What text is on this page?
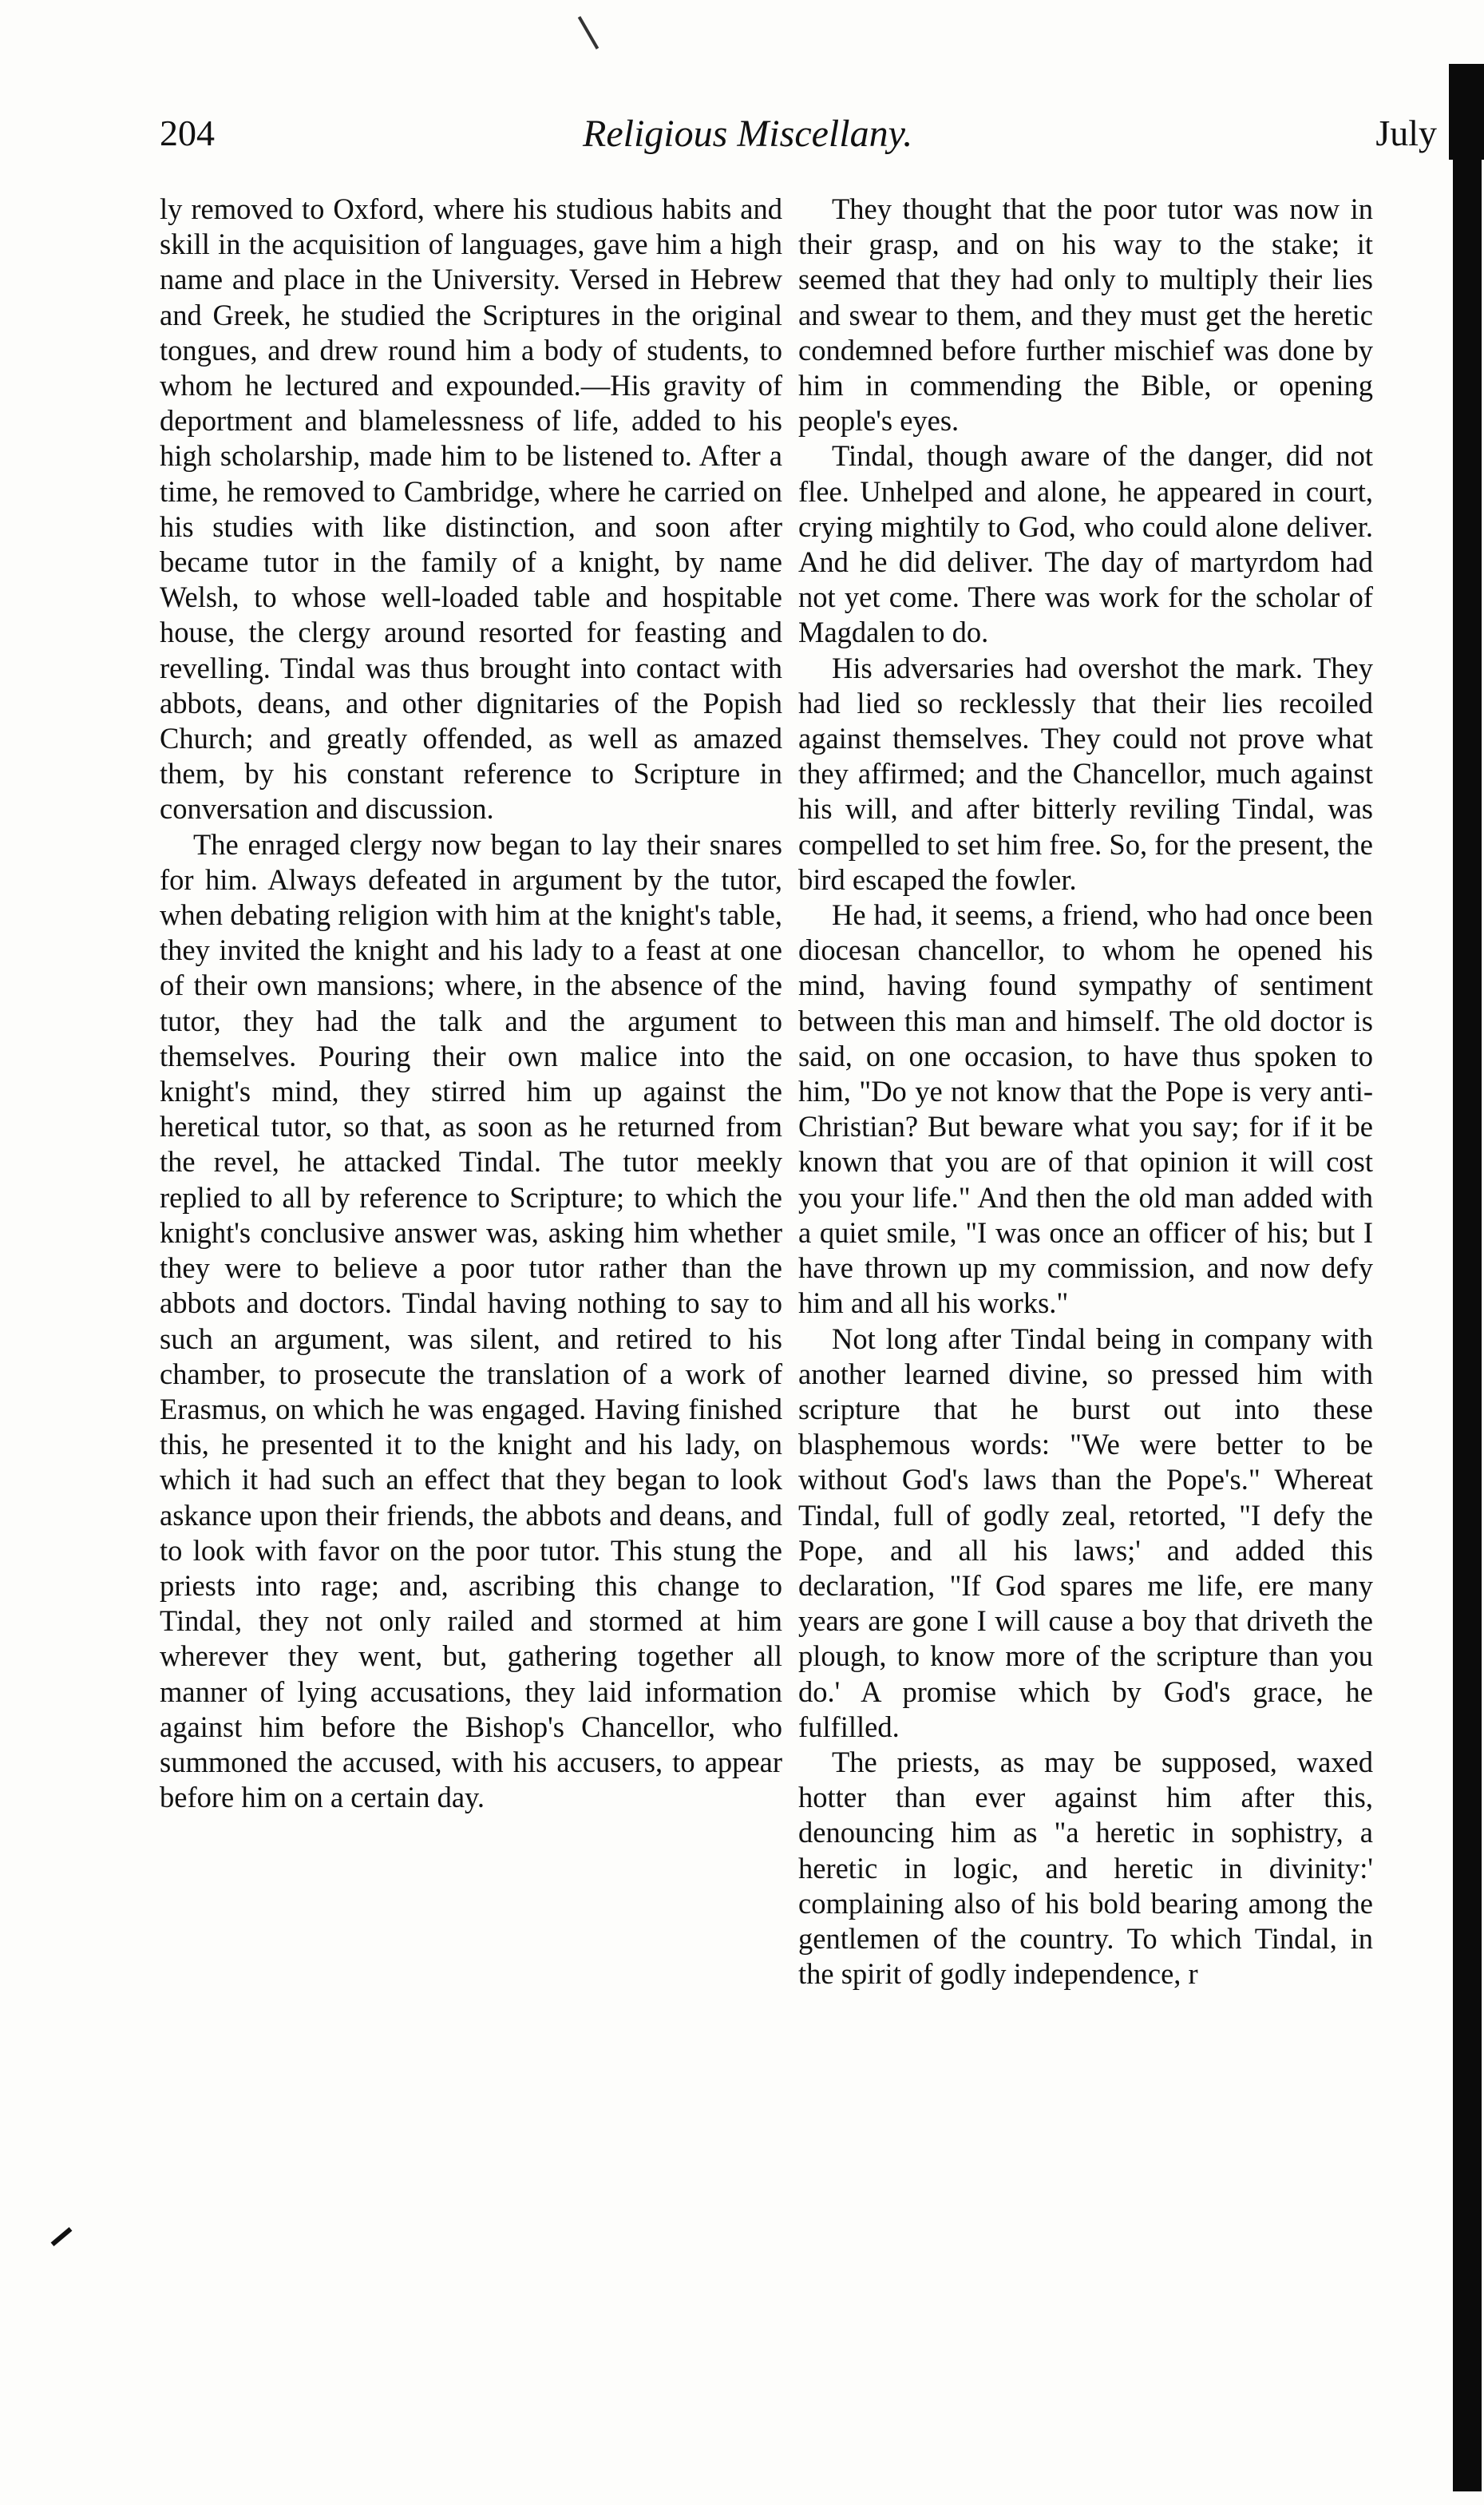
204	Religious Miscellany.	July

ly removed to Oxford, where his studious habits and skill in the acquisition of languages, gave him a high name and place in the University. Versed in Hebrew and Greek, he studied the Scriptures in the original tongues, and drew round him a body of students, to whom he lectured and expounded.—His gravity of deportment and blamelessness of life, added to his high scholarship, made him to be listened to. After a time, he removed to Cambridge, where he carried on his studies with like distinction, and soon after became tutor in the family of a knight, by name Welsh, to whose well-loaded table and hospitable house, the clergy around resorted for feasting and revelling. Tindal was thus brought into contact with abbots, deans, and other dignitaries of the Popish Church; and greatly offended, as well as amazed them, by his constant reference to Scripture in conversation and discussion.

The enraged clergy now began to lay their snares for him. Always defeated in argument by the tutor, when debating religion with him at the knight's table, they invited the knight and his lady to a feast at one of their own mansions; where, in the absence of the tutor, they had the talk and the argument to themselves. Pouring their own malice into the knight's mind, they stirred him up against the heretical tutor, so that, as soon as he returned from the revel, he attacked Tindal. The tutor meekly replied to all by reference to Scripture; to which the knight's conclusive answer was, asking him whether they were to believe a poor tutor rather than the abbots and doctors. Tindal having nothing to say to such an argument, was silent, and retired to his chamber, to prosecute the translation of a work of Erasmus, on which he was engaged. Having finished this, he presented it to the knight and his lady, on which it had such an effect that they began to look askance upon their friends, the abbots and deans, and to look with favor on the poor tutor. This stung the priests into rage; and, ascribing this change to Tindal, they not only railed and stormed at him wherever they went, but, gathering together all manner of lying accusations, they laid information against him before the Bishop's Chancellor, who summoned the accused, with his accusers, to appear before him on a certain day.

They thought that the poor tutor was now in their grasp, and on his way to the stake; it seemed that they had only to multiply their lies and swear to them, and they must get the heretic condemned before further mischief was done by him in commending the Bible, or opening people's eyes.

Tindal, though aware of the danger, did not flee. Unhelped and alone, he appeared in court, crying mightily to God, who could alone deliver. And he did deliver. The day of martyrdom had not yet come. There was work for the scholar of Magdalen to do.

His adversaries had overshot the mark. They had lied so recklessly that their lies recoiled against themselves. They could not prove what they affirmed; and the Chancellor, much against his will, and after bitterly reviling Tindal, was compelled to set him free. So, for the present, the bird escaped the fowler.

He had, it seems, a friend, who had once been diocesan chancellor, to whom he opened his mind, having found sympathy of sentiment between this man and himself. The old doctor is said, on one occasion, to have thus spoken to him, "Do ye not know that the Pope is very anti-Christian? But beware what you say; for if it be known that you are of that opinion it will cost you your life." And then the old man added with a quiet smile, "I was once an officer of his; but I have thrown up my commission, and now defy him and all his works."

Not long after Tindal being in company with another learned divine, so pressed him with scripture that he burst out into these blasphemous words: "We were better to be without God's laws than the Pope's." Whereat Tindal, full of godly zeal, retorted, "I defy the Pope, and all his laws;' and added this declaration, "If God spares me life, ere many years are gone I will cause a boy that driveth the plough, to know more of the scripture than you do.' A promise which by God's grace, he fulfilled.

The priests, as may be supposed, waxed hotter than ever against him after this, denouncing him as "a heretic in sophistry, a heretic in logic, and heretic in divinity:' complaining also of his bold bearing among the gentlemen of the country. To which Tindal, in the spirit of godly independence, r
